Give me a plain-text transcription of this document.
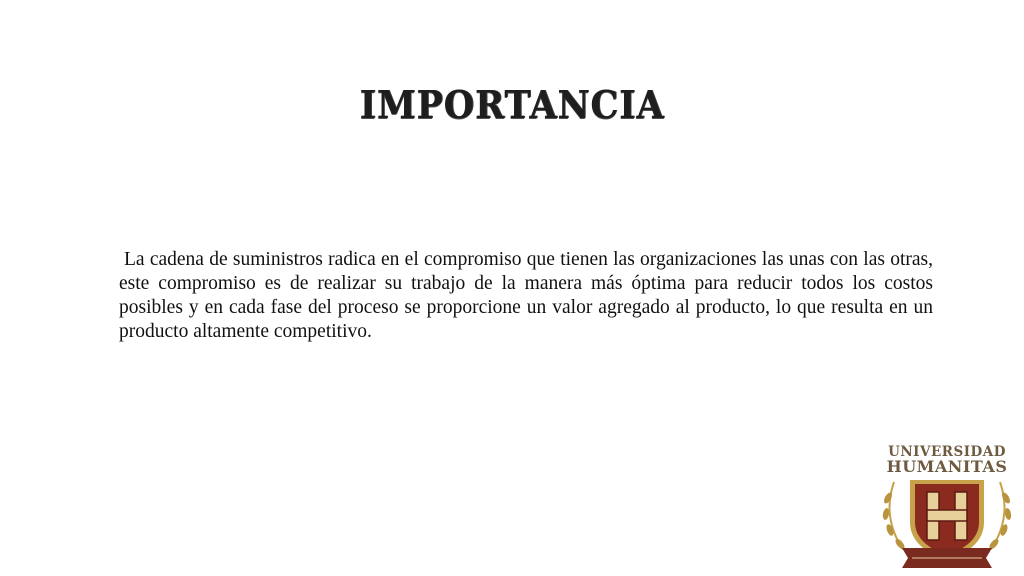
IMPORTANCIA
La cadena de suministros radica en el compromiso que tienen las organizaciones las unas con las otras, este compromiso es de realizar su trabajo de la manera más óptima para reducir todos los costos posibles y en cada fase del proceso se proporcione un valor agregado al producto, lo que resulta en un producto altamente competitivo.
UNIVERSIDAD
HUMANITAS
